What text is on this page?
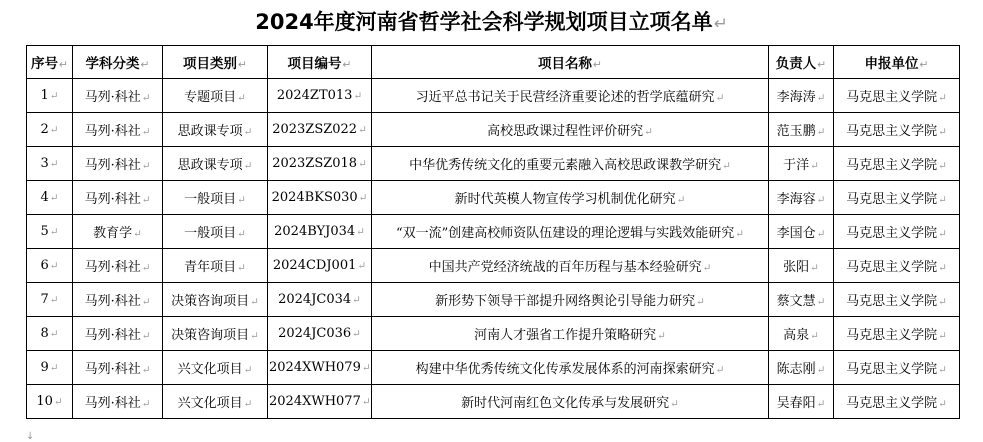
2024年度河南省哲学社会科学规划项目立项名单↵
序号↵	学科分类↵	项目类别↵	项目编号↵	项目名称↵	负责人↵	申报单位↵
1↵	马列·科社↵	专题项目↵	2024ZT013↵	习近平总书记关于民营经济重要论述的哲学底蕴研究↵	李海涛↵	马克思主义学院↵
2↵	马列·科社↵	思政课专项↵	2023ZSZ022↵	高校思政课过程性评价研究↵	范玉鹏↵	马克思主义学院↵
3↵	马列·科社↵	思政课专项↵	2023ZSZ018↵	中华优秀传统文化的重要元素融入高校思政课教学研究↵	于洋↵	马克思主义学院↵
4↵	马列·科社↵	一般项目↵	2024BKS030↵	新时代英模人物宣传学习机制优化研究↵	李海容↵	马克思主义学院↵
5↵	教育学↵	一般项目↵	2024BYJ034↵	“双一流”创建高校师资队伍建设的理论逻辑与实践效能研究↵	李国仓↵	马克思主义学院↵
6↵	马列·科社↵	青年项目↵	2024CDJ001↵	中国共产党经济统战的百年历程与基本经验研究↵	张阳↵	马克思主义学院↵
7↵	马列·科社↵	决策咨询项目↵	2024JC034↵	新形势下领导干部提升网络舆论引导能力研究↵	蔡文慧↵	马克思主义学院↵
8↵	马列·科社↵	决策咨询项目↵	2024JC036↵	河南人才强省工作提升策略研究↵	高泉↵	马克思主义学院↵
9↵	马列·科社↵	兴文化项目↵	2024XWH079↵	构建中华优秀传统文化传承发展体系的河南探索研究↵	陈志刚↵	马克思主义学院↵
10↵	马列·科社↵	兴文化项目↵	2024XWH077↵	新时代河南红色文化传承与发展研究↵	吴春阳↵	马克思主义学院↵
↓
